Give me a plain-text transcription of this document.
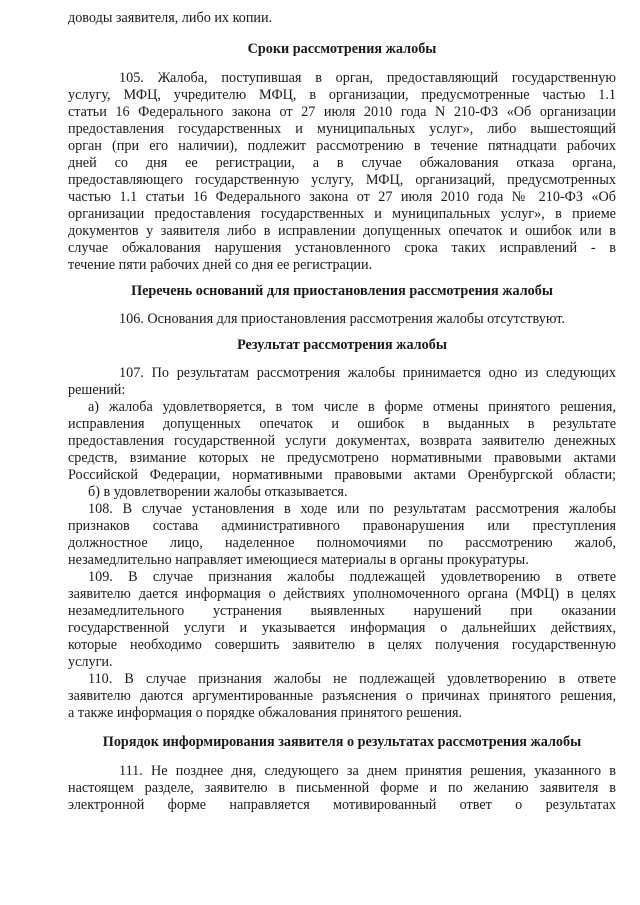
доводы заявителя, либо их копии.
Сроки рассмотрения жалобы
105. Жалоба, поступившая в орган, предоставляющий государственную
услугу, МФЦ, учредителю МФЦ, в организации, предусмотренные частью 1.1
статьи 16 Федерального закона от 27 июля 2010 года N 210-ФЗ «Об организации
предоставления государственных и муниципальных услуг», либо вышестоящий
орган (при его наличии), подлежит рассмотрению в течение пятнадцати рабочих
дней со дня ее регистрации, а в случае обжалования отказа органа,
предоставляющего государственную услугу, МФЦ, организаций, предусмотренных
частью 1.1 статьи 16 Федерального закона от 27 июля 2010 года № 210-ФЗ «Об
организации предоставления государственных и муниципальных услуг», в приеме
документов у заявителя либо в исправлении допущенных опечаток и ошибок или в
случае обжалования нарушения установленного срока таких исправлений - в
течение пяти рабочих дней со дня ее регистрации.
Перечень оснований для приостановления рассмотрения жалобы
106. Основания для приостановления рассмотрения жалобы отсутствуют.
Результат рассмотрения жалобы
107. По результатам рассмотрения жалобы принимается одно из следующих
решений:
а) жалоба удовлетворяется, в том числе в форме отмены принятого решения,
исправления допущенных опечаток и ошибок в выданных в результате
предоставления государственной услуги документах, возврата заявителю денежных
средств, взимание которых не предусмотрено нормативными правовыми актами
Российской Федерации, нормативными правовыми актами Оренбургской области;
б) в удовлетворении жалобы отказывается.
108. В случае установления в ходе или по результатам рассмотрения жалобы
признаков состава административного правонарушения или преступления
должностное лицо, наделенное полномочиями по рассмотрению жалоб,
незамедлительно направляет имеющиеся материалы в органы прокуратуры.
109. В случае признания жалобы подлежащей удовлетворению в ответе
заявителю дается информация о действиях уполномоченного органа (МФЦ) в целях
незамедлительного устранения выявленных нарушений при оказании
государственной услуги и указывается информация о дальнейших действиях,
которые необходимо совершить заявителю в целях получения государственную
услуги.
110. В случае признания жалобы не подлежащей удовлетворению в ответе
заявителю даются аргументированные разъяснения о причинах принятого решения,
а также информация о порядке обжалования принятого решения.
Порядок информирования заявителя о результатах рассмотрения жалобы
111. Не позднее дня, следующего за днем принятия решения, указанного в
настоящем разделе, заявителю в письменной форме и по желанию заявителя в
электронной форме направляется мотивированный ответ о результатах
